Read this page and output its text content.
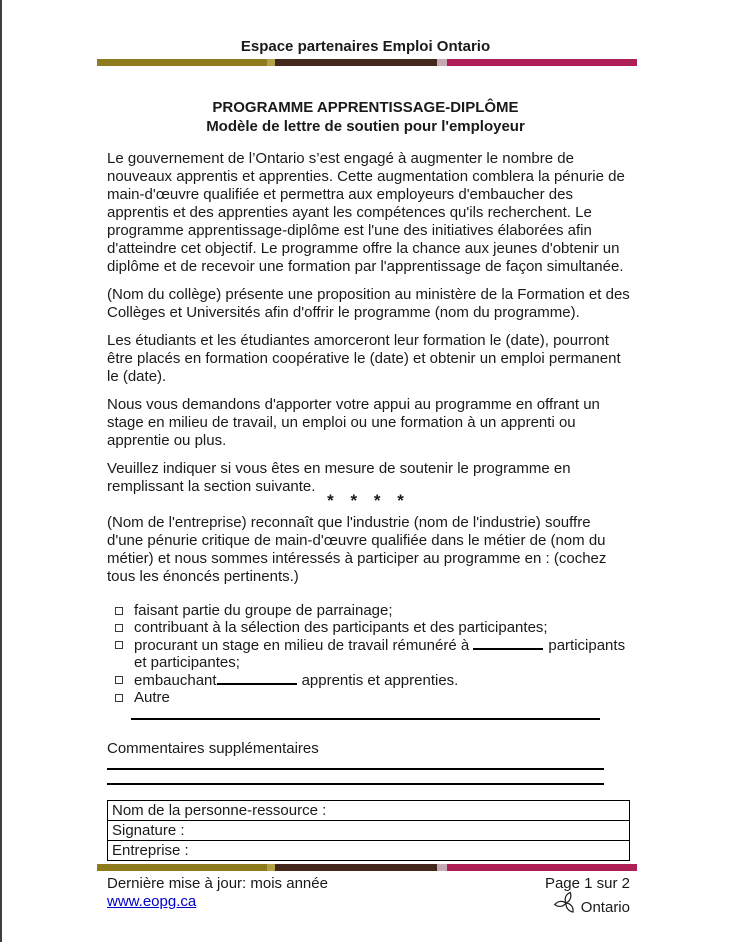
Espace partenaires Emploi Ontario
PROGRAMME APPRENTISSAGE-DIPLÔME
Modèle de lettre de soutien pour l'employeur

Le gouvernement de l’Ontario s’est engagé à augmenter le nombre de nouveaux apprentis et apprenties. Cette augmentation comblera la pénurie de main-d'œuvre qualifiée et permettra aux employeurs d'embaucher des apprentis et des apprenties ayant les compétences qu'ils recherchent. Le programme apprentissage-diplôme est l'une des initiatives élaborées afin d'atteindre cet objectif. Le programme offre la chance aux jeunes d'obtenir un diplôme et de recevoir une formation par l'apprentissage de façon simultanée.

(Nom du collège) présente une proposition au ministère de la Formation et des Collèges et Universités afin d'offrir le programme (nom du programme).

Les étudiants et les étudiantes amorceront leur formation le (date), pourront être placés en formation coopérative le (date) et obtenir un emploi permanent le (date).

Nous vous demandons d'apporter votre appui au programme en offrant un stage en milieu de travail, un emploi ou une formation à un apprenti ou apprentie ou plus.

Veuillez indiquer si vous êtes en mesure de soutenir le programme en remplissant la section suivante.

* * * *

(Nom de l'entreprise) reconnaît que l'industrie (nom de l'industrie) souffre d'une pénurie critique de main-d'œuvre qualifiée dans le métier de (nom du métier) et nous sommes intéressés à participer au programme en : (cochez tous les énoncés pertinents.)

faisant partie du groupe de parrainage;
contribuant à la sélection des participants et des participantes;
procurant un stage en milieu de travail rémunéré à	participants et participantes;
embauchant	apprentis et apprenties.
Autre
Commentaires supplémentaires
Nom de la personne-ressource :
Signature :
Entreprise :
Dernière mise à jour: mois année	Page 1 sur 2
www.eopg.ca	Ontario
